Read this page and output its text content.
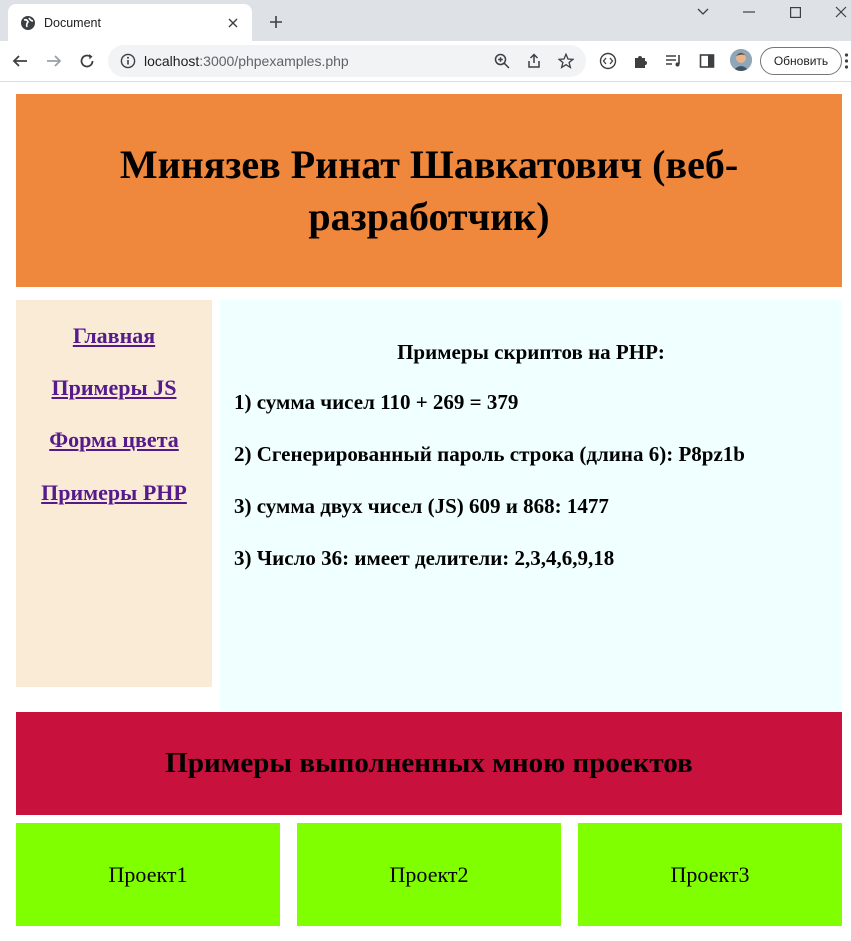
Document
localhost:3000/phpexamples.php	Обновить
Минязев Ринат Шавкатович (веб-разработчик)
Главная
Примеры JS
Форма цвета
Примеры PHP

Примеры скриптов на PHP:

1) сумма чисел 110 + 269 = 379

2) Сгенерированный пароль строка (длина 6): P8pz1b

3) сумма двух чисел (JS) 609 и 868: 1477

3) Число 36: имеет делители: 2,3,4,6,9,18

Примеры выполненных мною проектов
Проект1	Проект2	Проект3
